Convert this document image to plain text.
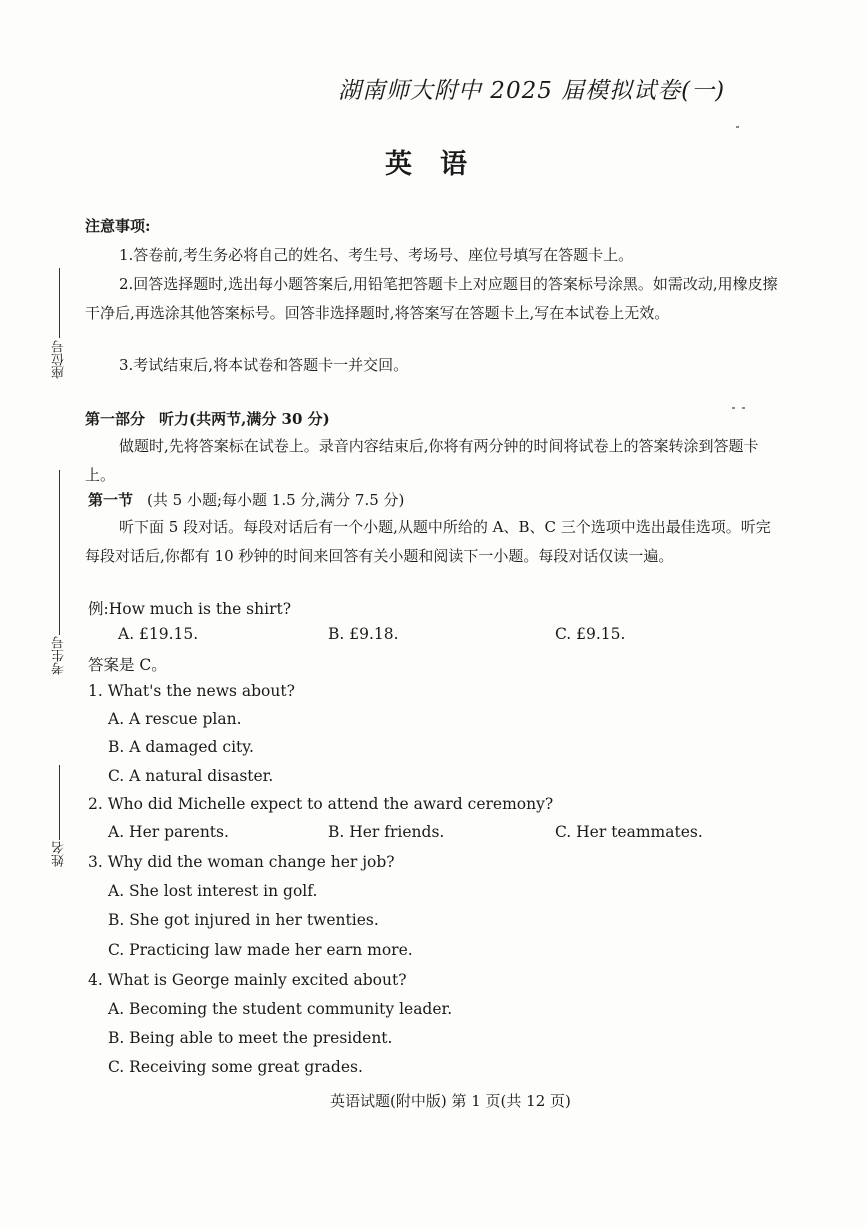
湖南师大附中 2025 届模拟试卷(一)
英语
座位号
考生号
姓名
注意事项:
1.答卷前,考生务必将自己的姓名、考生号、考场号、座位号填写在答题卡上。
2.回答选择题时,选出每小题答案后,用铅笔把答题卡上对应题目的答案标号涂黑。如需改动,用橡皮擦干净后,再选涂其他答案标号。回答非选择题时,将答案写在答题卡上,写在本试卷上无效。
3.考试结束后,将本试卷和答题卡一并交回。
第一部分 听力(共两节,满分 30 分)
做题时,先将答案标在试卷上。录音内容结束后,你将有两分钟的时间将试卷上的答案转涂到答题卡上。
第一节 (共 5 小题;每小题 1.5 分,满分 7.5 分)
听下面 5 段对话。每段对话后有一个小题,从题中所给的 A、B、C 三个选项中选出最佳选项。听完每段对话后,你都有 10 秒钟的时间来回答有关小题和阅读下一小题。每段对话仅读一遍。
例:How much is the shirt?
A. £19.15.	B. £9.18.	C. £9.15.
答案是 C。
1. What's the news about?
A. A rescue plan.
B. A damaged city.
C. A natural disaster.
2. Who did Michelle expect to attend the award ceremony?
A. Her parents.	B. Her friends.	C. Her teammates.
3. Why did the woman change her job?
A. She lost interest in golf.
B. She got injured in her twenties.
C. Practicing law made her earn more.
4. What is George mainly excited about?
A. Becoming the student community leader.
B. Being able to meet the president.
C. Receiving some great grades.
英语试题(附中版) 第 1 页(共 12 页)
